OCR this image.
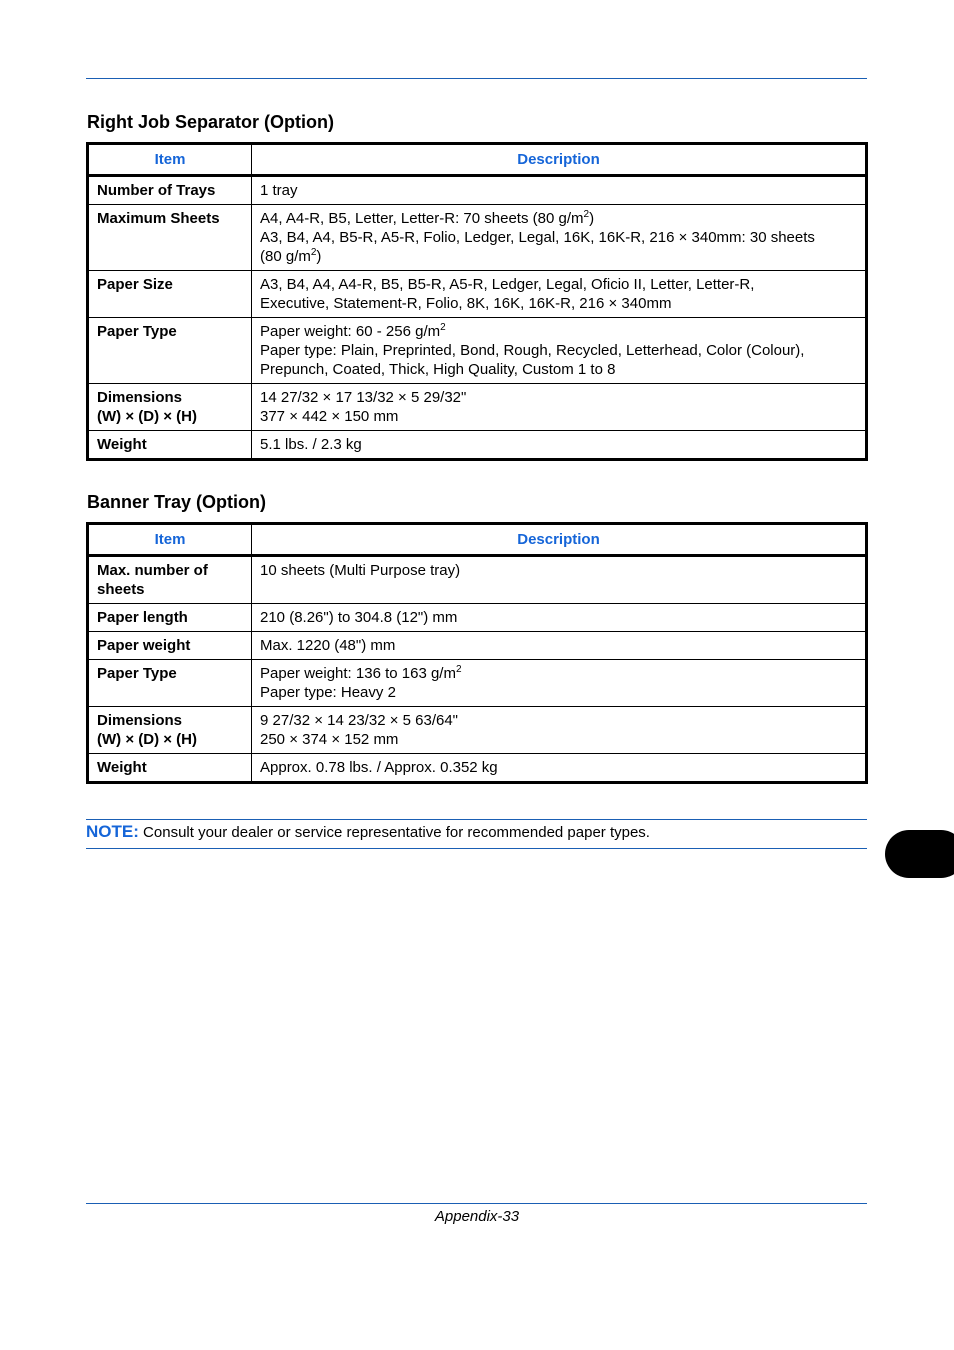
Right Job Separator (Option)
Item	Description

Number of Trays	1 tray

Maximum Sheets	A4, A4-R, B5, Letter, Letter-R: 70 sheets (80 $g/m^2$)
A3, B4, A4, B5-R, A5-R, Folio, Ledger, Legal, 16K, 16K-R, 216 × 340mm: 30 sheets
(80 $g/m^2$)

Paper Size	A3, B4, A4, A4-R, B5, B5-R, A5-R, Ledger, Legal, Oficio II, Letter, Letter-R,
Executive, Statement-R, Folio, 8K, 16K, 16K-R, 216 × 340mm

Paper Type	Paper weight: 60 - 256 $g/m^2$
Paper type: Plain, Preprinted, Bond, Rough, Recycled, Letterhead, Color (Colour),
Prepunch, Coated, Thick, High Quality, Custom 1 to 8

Dimensions
(W) × (D) × (H)	14 27/32 × 17 13/32 × 5 29/32"
377 × 442 × 150 mm

Weight	5.1 lbs. / 2.3 kg
Banner Tray (Option)
Item	Description

Max. number of
sheets	10 sheets (Multi Purpose tray)

Paper length	210 (8.26") to 304.8 (12") mm

Paper weight	Max. 1220 (48") mm

Paper Type	Paper weight: 136 to 163 $g/m^2$
Paper type: Heavy 2

Dimensions
(W) × (D) × (H)	9 27/32 × 14 23/32 × 5 63/64"
250 × 374 × 152 mm

Weight	Approx. 0.78 lbs. / Approx. 0.352 kg
NOTE: Consult your dealer or service representative for recommended paper types.
Appendix-33
